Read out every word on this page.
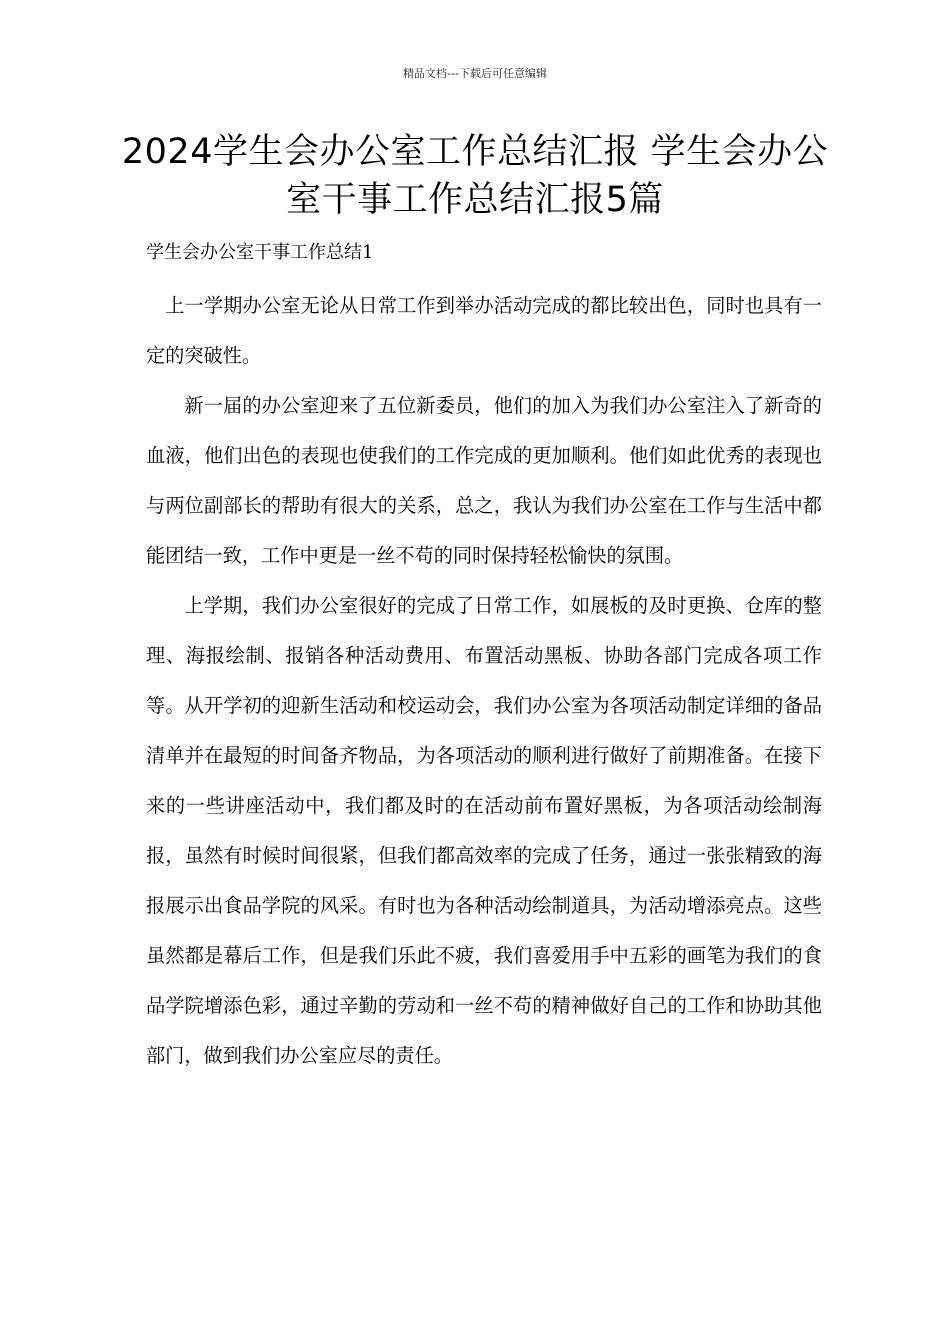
精品文档---下载后可任意编辑
2024学生会办公室工作总结汇报 学生会办公室干事工作总结汇报5篇
学生会办公室干事工作总结1

上一学期办公室无论从日常工作到举办活动完成的都比较出色，同时也具有一定的突破性。

新一届的办公室迎来了五位新委员，他们的加入为我们办公室注入了新奇的血液，他们出色的表现也使我们的工作完成的更加顺利。他们如此优秀的表现也与两位副部长的帮助有很大的关系，总之，我认为我们办公室在工作与生活中都能团结一致，工作中更是一丝不苟的同时保持轻松愉快的氛围。

上学期，我们办公室很好的完成了日常工作，如展板的及时更换、仓库的整理、海报绘制、报销各种活动费用、布置活动黑板、协助各部门完成各项工作等。从开学初的迎新生活动和校运动会，我们办公室为各项活动制定详细的备品清单并在最短的时间备齐物品，为各项活动的顺利进行做好了前期准备。在接下来的一些讲座活动中，我们都及时的在活动前布置好黑板，为各项活动绘制海报，虽然有时候时间很紧，但我们都高效率的完成了任务，通过一张张精致的海报展示出食品学院的风采。有时也为各种活动绘制道具，为活动增添亮点。这些虽然都是幕后工作，但是我们乐此不疲，我们喜爱用手中五彩的画笔为我们的食品学院增添色彩，通过辛勤的劳动和一丝不苟的精神做好自己的工作和协助其他部门，做到我们办公室应尽的责任。
